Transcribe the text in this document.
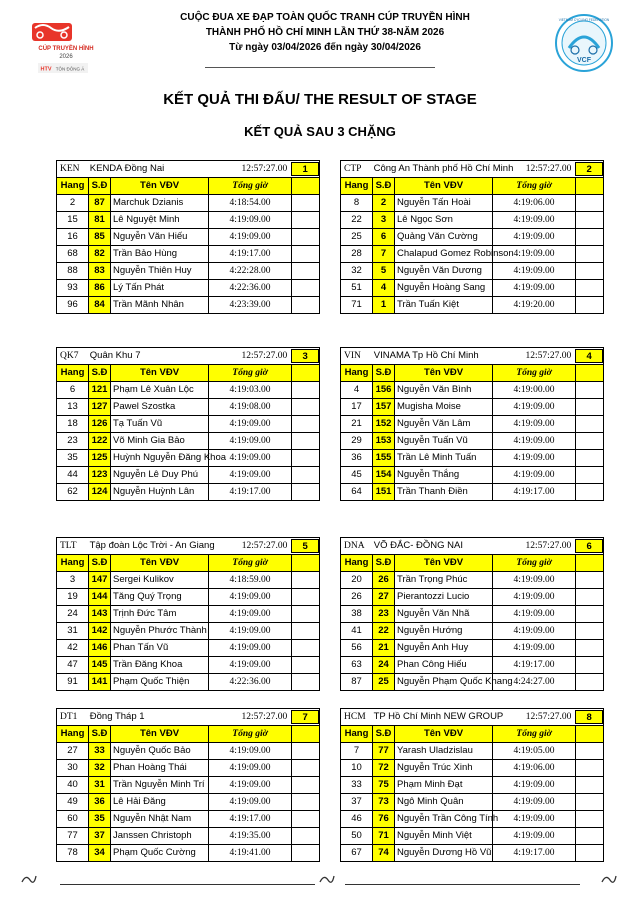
CÚP TRUYỀN HÌNH
2026
HTV TÔN ĐÔNG Á
VCF
VIETNAM CYCLING FEDERATION
CUỘC ĐUA XE ĐẠP TOÀN QUỐC TRANH CÚP TRUYỀN HÌNH
THÀNH PHỐ HỒ CHÍ MINH LẦN THỨ 38-NĂM 2026
Từ ngày 03/04/2026 đến ngày 30/04/2026
KẾT QUẢ THI ĐẤU/ THE RESULT OF STAGE
KẾT QUẢ SAU 3 CHẶNG
KEN	KENDA Đồng Nai	12:57:27.00	1
Hang S.Đ	Tên VĐV	Tổng giờ
2	87 Marchuk Dzianis	4:18:54.00
15	81 Lê Nguyệt Minh	4:19:09.00
16	85 Nguyễn Văn Hiếu	4:19:09.00
68	82 Trần Bảo Hùng	4:19:17.00
88	83 Nguyễn Thiên Huy	4:22:28.00
93	86 Lý Tấn Phát	4:22:36.00
96	84 Trần Mãnh Nhân	4:23:39.00
CTP	Công An Thành phố Hồ Chí Minh	12:57:27.00	2
Hang S.Đ	Tên VĐV	Tổng giờ
8	2	Nguyễn Tấn Hoài	4:19:06.00
22	3	Lê Ngọc Sơn	4:19:09.00
25	6	Quảng Văn Cường	4:19:09.00
28	7	Chalapud Gomez Robinson 4:19:09.00
32	5	Nguyễn Văn Dương	4:19:09.00
51	4	Nguyễn Hoàng Sang	4:19:09.00
71	1	Trần Tuấn Kiệt	4:19:20.00
QK7	Quân Khu 7	12:57:27.00	3
Hang S.Đ	Tên VĐV	Tổng giờ
6	121 Phạm Lê Xuân Lộc	4:19:03.00
13	127 Pawel Szostka	4:19:08.00
18	126 Tạ Tuấn Vũ	4:19:09.00
23	122 Võ Minh Gia Bảo	4:19:09.00
35	125 Huỳnh Nguyễn Đăng Khoa 4:19:09.00
44	123 Nguyễn Lê Duy Phú	4:19:09.00
62	124 Nguyễn Huỳnh Lân	4:19:17.00
VIN	VINAMA Tp Hồ Chí Minh	12:57:27.00	4
Hang S.Đ	Tên VĐV	Tổng giờ
4	156 Nguyễn Văn Bình	4:19:00.00
17	157 Mugisha Moise	4:19:09.00
21	152 Nguyễn Văn Lâm	4:19:09.00
29	153 Nguyễn Tuấn Vũ	4:19:09.00
36	155 Trần Lê Minh Tuấn	4:19:09.00
45	154 Nguyễn Thắng	4:19:09.00
64	151 Trần Thanh Điền	4:19:17.00
TLT	Tập đoàn Lộc Trời - An Giang	12:57:27.00	5
Hang S.Đ	Tên VĐV	Tổng giờ
3	147 Sergei Kulikov	4:18:59.00
19	144 Tăng Quý Trọng	4:19:09.00
24	143 Trịnh Đức Tâm	4:19:09.00
31	142 Nguyễn Phước Thành	4:19:09.00
42	146 Phan Tấn Vũ	4:19:09.00
47	145 Trần Đăng Khoa	4:19:09.00
91	141 Phạm Quốc Thiện	4:22:36.00
DNA VÕ ĐẮC- ĐỒNG NAI	12:57:27.00	6
Hang S.Đ	Tên VĐV	Tổng giờ
20	26 Trần Trọng Phúc	4:19:09.00
26	27 Pierantozzi Lucio	4:19:09.00
38	23 Nguyễn Văn Nhã	4:19:09.00
41	22 Nguyễn Hướng	4:19:09.00
56	21 Nguyễn Anh Huy	4:19:09.00
63	24 Phan Công Hiếu	4:19:17.00
87	25 Nguyễn Phạm Quốc Khang 4:24:27.00
DT1	Đồng Tháp 1	12:57:27.00	7
Hang S.Đ	Tên VĐV	Tổng giờ
27	33 Nguyễn Quốc Bảo	4:19:09.00
30	32 Phan Hoàng Thái	4:19:09.00
40	31 Trần Nguyễn Minh Trí	4:19:09.00
49	36 Lê Hải Đăng	4:19:09.00
60	35 Nguyễn Nhật Nam	4:19:17.00
77	37 Janssen Christoph	4:19:35.00
78	34 Phạm Quốc Cường	4:19:41.00
HCM TP Hồ Chí Minh NEW GROUP	12:57:27.00	8
Hang S.Đ	Tên VĐV	Tổng giờ
7	77 Yarash Uladzislau	4:19:05.00
10	72 Nguyễn Trúc Xinh	4:19:06.00
33	75 Phạm Minh Đạt	4:19:09.00
37	73 Ngô Minh Quân	4:19:09.00
46	76 Nguyễn Trần Công Tính	4:19:09.00
50	71 Nguyễn Minh Việt	4:19:09.00
67	74 Nguyễn Dương Hồ Vũ	4:19:17.00
